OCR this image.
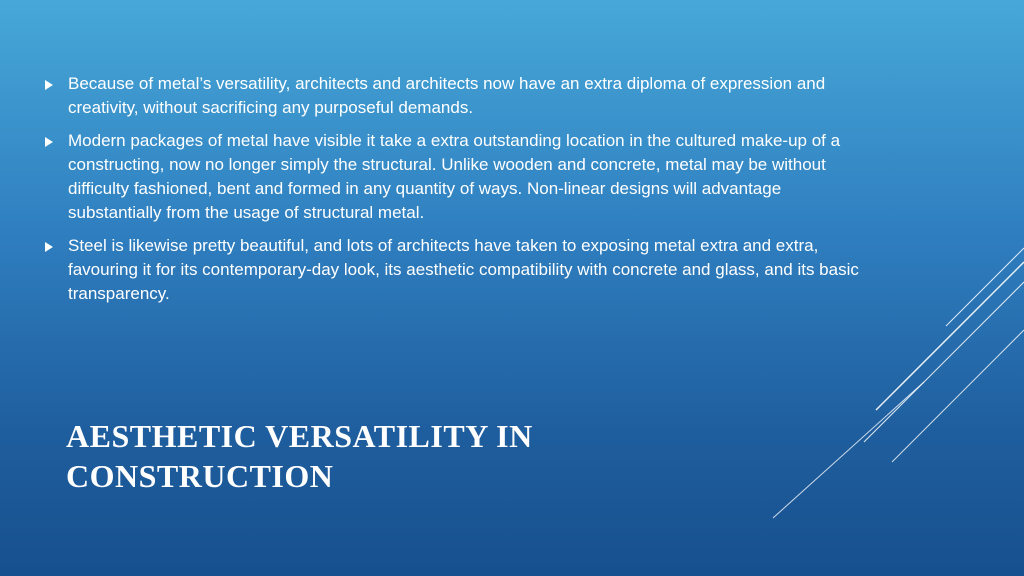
Because of metal’s versatility, architects and architects now have an extra diploma of expression and creativity, without sacrificing any purposeful demands.
Modern packages of metal have visible it take a extra outstanding location in the cultured make-up of a constructing, now no longer simply the structural. Unlike wooden and concrete, metal may be without difficulty fashioned, bent and formed in any quantity of ways. Non-linear designs will advantage substantially from the usage of structural metal.
Steel is likewise pretty beautiful, and lots of architects have taken to exposing metal extra and extra, favouring it for its contemporary-day look, its aesthetic compatibility with concrete and glass, and its basic transparency.
AESTHETIC VERSATILITY IN
CONSTRUCTION
